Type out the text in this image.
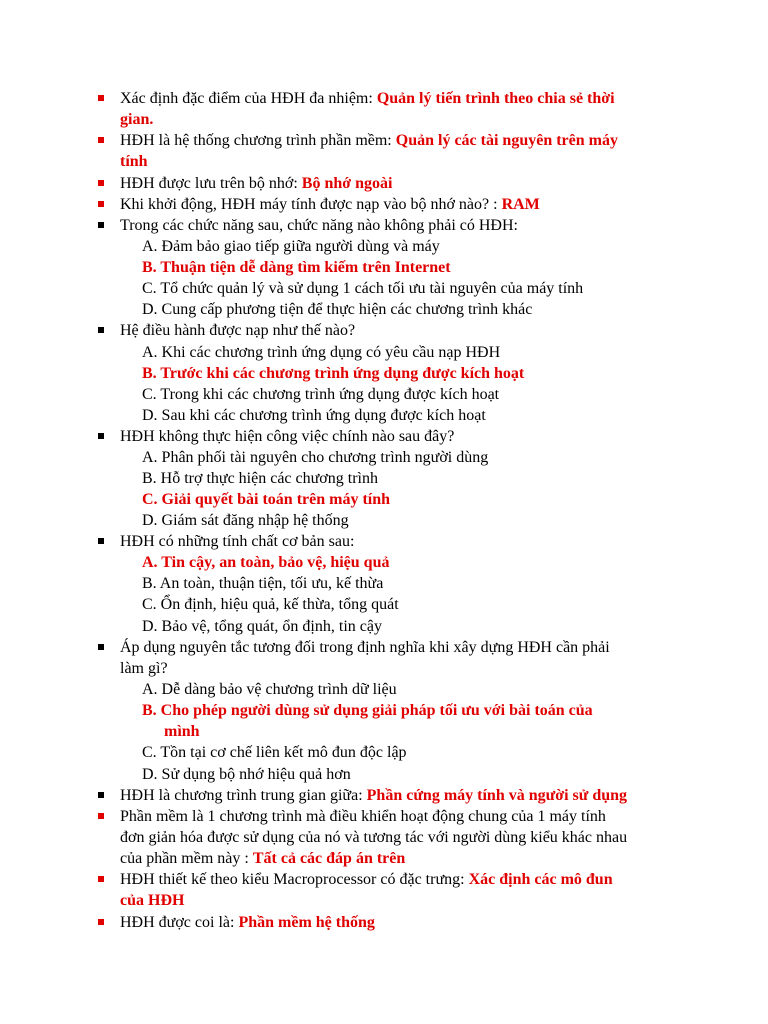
Xác định đặc điểm của HĐH đa nhiệm: Quản lý tiến trình theo chia sẻ thời
gian.
HĐH là hệ thống chương trình phần mềm: Quản lý các tài nguyên trên máy
tính
HĐH được lưu trên bộ nhớ: Bộ nhớ ngoài
Khi khởi động, HĐH máy tính được nạp vào bộ nhớ nào? : RAM
Trong các chức năng sau, chức năng nào không phải có HĐH:
A. Đảm bảo giao tiếp giữa người dùng và máy
B. Thuận tiện dễ dàng tìm kiếm trên Internet
C. Tổ chức quản lý và sử dụng 1 cách tối ưu tài nguyên của máy tính
D. Cung cấp phương tiện để thực hiện các chương trình khác
Hệ điều hành được nạp như thế nào?
A. Khi các chương trình ứng dụng có yêu cầu nạp HĐH
B. Trước khi các chương trình ứng dụng được kích hoạt
C. Trong khi các chương trình ứng dụng được kích hoạt
D. Sau khi các chương trình ứng dụng được kích hoạt
HĐH không thực hiện công việc chính nào sau đây?
A. Phân phối tài nguyên cho chương trình người dùng
B. Hỗ trợ thực hiện các chương trình
C. Giải quyết bài toán trên máy tính
D. Giám sát đăng nhập hệ thống
HĐH có những tính chất cơ bản sau:
A. Tin cậy, an toàn, bảo vệ, hiệu quả
B. An toàn, thuận tiện, tối ưu, kế thừa
C. Ổn định, hiệu quả, kế thừa, tổng quát
D. Bảo vệ, tổng quát, ổn định, tin cậy
Áp dụng nguyên tắc tương đối trong định nghĩa khi xây dựng HĐH cần phải
làm gì?
A. Dễ dàng bảo vệ chương trình dữ liệu
B. Cho phép người dùng sử dụng giải pháp tối ưu với bài toán của
mình
C. Tồn tại cơ chế liên kết mô đun độc lập
D. Sử dụng bộ nhớ hiệu quả hơn
HĐH là chương trình trung gian giữa: Phần cứng máy tính và người sử dụng
Phần mềm là 1 chương trình mà điều khiển hoạt động chung của 1 máy tính
đơn giản hóa được sử dụng của nó và tương tác với người dùng kiểu khác nhau
của phần mềm này : Tất cả các đáp án trên
HĐH thiết kế theo kiểu Macroprocessor có đặc trưng: Xác định các mô đun
của HĐH
HĐH được coi là: Phần mềm hệ thống
